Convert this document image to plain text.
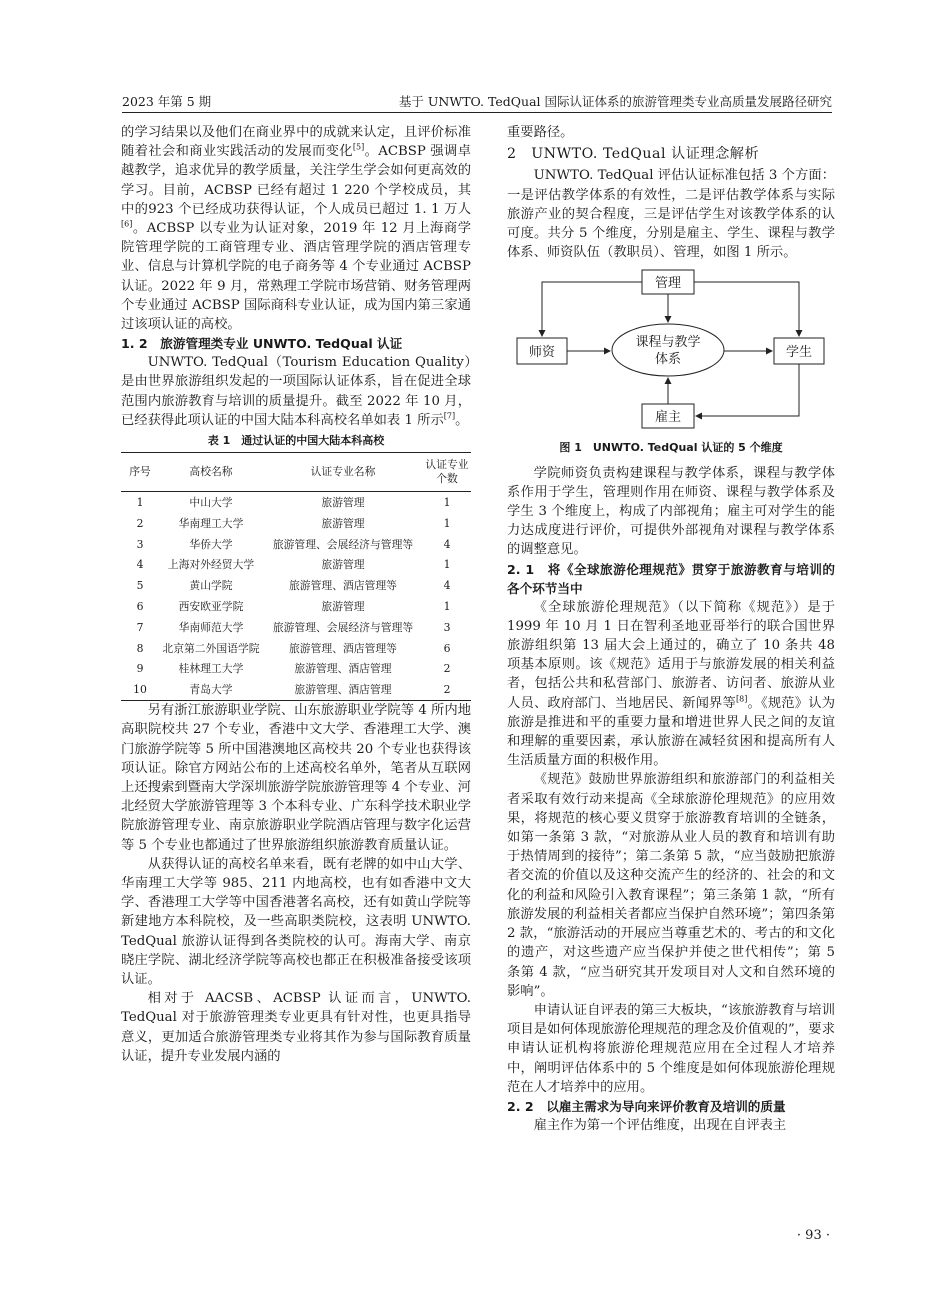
2023 年第 5 期	基于 UNWTO. TedQual 国际认证体系的旅游管理类专业高质量发展路径研究

的学习结果以及他们在商业界中的成就来认定，且评价标准随着社会和商业实践活动的发展而变化[5]。ACBSP 强调卓越教学，追求优异的教学质量，关注学生学会如何更高效的学习。目前，ACBSP 已经有超过 1 220 个学校成员，其中的923 个已经成功获得认证，个人成员已超过 1. 1 万人[6]。ACBSP 以专业为认证对象，2019 年 12 月上海商学院管理学院的工商管理专业、酒店管理学院的酒店管理专业、信息与计算机学院的电子商务等 4 个专业通过 ACBSP 认证。2022 年 9 月，常熟理工学院市场营销、财务管理两个专业通过 ACBSP 国际商科专业认证，成为国内第三家通过该项认证的高校。

1. 2　旅游管理类专业 UNWTO. TedQual 认证

UNWTO. TedQual（Tourism Education Quality）是由世界旅游组织发起的一项国际认证体系，旨在促进全球范围内旅游教育与培训的质量提升。截至 2022 年 10 月，已经获得此项认证的中国大陆本科高校名单如表 1 所示[7]。

表 1　通过认证的中国大陆本科高校
序号	高校名称	认证专业名称	认证专业个数
1	中山大学	旅游管理	1
2	华南理工大学	旅游管理	1
3	华侨大学	旅游管理、会展经济与管理等	4
4	上海对外经贸大学	旅游管理	1
5	黄山学院	旅游管理、酒店管理等	4
6	西安欧亚学院	旅游管理	1
7	华南师范大学	旅游管理、会展经济与管理等	3
8	北京第二外国语学院	旅游管理、酒店管理等	6
9	桂林理工大学	旅游管理、酒店管理	2
10	青岛大学	旅游管理、酒店管理	2

另有浙江旅游职业学院、山东旅游职业学院等 4 所内地高职院校共 27 个专业，香港中文大学、香港理工大学、澳门旅游学院等 5 所中国港澳地区高校共 20 个专业也获得该项认证。除官方网站公布的上述高校名单外，笔者从互联网上还搜索到暨南大学深圳旅游学院旅游管理等 4 个专业、河北经贸大学旅游管理等 3 个本科专业、广东科学技术职业学院旅游管理专业、南京旅游职业学院酒店管理与数字化运营等 5 个专业也都通过了世界旅游组织旅游教育质量认证。

从获得认证的高校名单来看，既有老牌的如中山大学、华南理工大学等 985、211 内地高校，也有如香港中文大学、香港理工大学等中国香港著名高校，还有如黄山学院等新建地方本科院校，及一些高职类院校，这表明 UNWTO. TedQual 旅游认证得到各类院校的认可。海南大学、南京晓庄学院、湖北经济学院等高校也都正在积极准备接受该项认证。

相对于 AACSB、ACBSP 认证而言，UNWTO. TedQual 对于旅游管理类专业更具有针对性，也更具指导意义，更加适合旅游管理类专业将其作为参与国际教育质量认证，提升专业发展内涵的

重要路径。

2　UNWTO. TedQual 认证理念解析

UNWTO. TedQual 评估认证标准包括 3 个方面：一是评估教学体系的有效性，二是评估教学体系与实际旅游产业的契合程度，三是评估学生对该教学体系的认可度。共分 5 个维度，分别是雇主、学生、课程与教学体系、师资队伍（教职员）、管理，如图 1 所示。

管理
课程与教学
体系
师资	学生
雇主
图 1　UNWTO. TedQual 认证的 5 个维度

学院师资负责构建课程与教学体系，课程与教学体系作用于学生，管理则作用在师资、课程与教学体系及学生 3 个维度上，构成了内部视角；雇主可对学生的能力达成度进行评价，可提供外部视角对课程与教学体系的调整意见。

2. 1　将《全球旅游伦理规范》贯穿于旅游教育与培训的各个环节当中

《全球旅游伦理规范》（以下简称《规范》）是于 1999 年 10 月 1 日在智利圣地亚哥举行的联合国世界旅游组织第 13 届大会上通过的，确立了 10 条共 48 项基本原则。该《规范》适用于与旅游发展的相关利益者，包括公共和私营部门、旅游者、访问者、旅游从业人员、政府部门、当地居民、新闻界等[8]。《规范》认为旅游是推进和平的重要力量和增进世界人民之间的友谊和理解的重要因素，承认旅游在减轻贫困和提高所有人生活质量方面的积极作用。

《规范》鼓励世界旅游组织和旅游部门的利益相关者采取有效行动来提高《全球旅游伦理规范》的应用效果，将规范的核心要义贯穿于旅游教育培训的全链条，如第一条第 3 款，“对旅游从业人员的教育和培训有助于热情周到的接待”；第二条第 5 款，“应当鼓励把旅游者交流的价值以及这种交流产生的经济的、社会的和文化的利益和风险引入教育课程”；第三条第 1 款，“所有旅游发展的利益相关者都应当保护自然环境”；第四条第 2 款，“旅游活动的开展应当尊重艺术的、考古的和文化的遗产，对这些遗产应当保护并使之世代相传”；第 5 条第 4 款，“应当研究其开发项目对人文和自然环境的影响”。

申请认证自评表的第三大板块，“该旅游教育与培训项目是如何体现旅游伦理规范的理念及价值观的”，要求申请认证机构将旅游伦理规范应用在全过程人才培养中，阐明评估体系中的 5 个维度是如何体现旅游伦理规范在人才培养中的应用。

2. 2　以雇主需求为导向来评价教育及培训的质量

雇主作为第一个评估维度，出现在自评表主

· 93 ·
